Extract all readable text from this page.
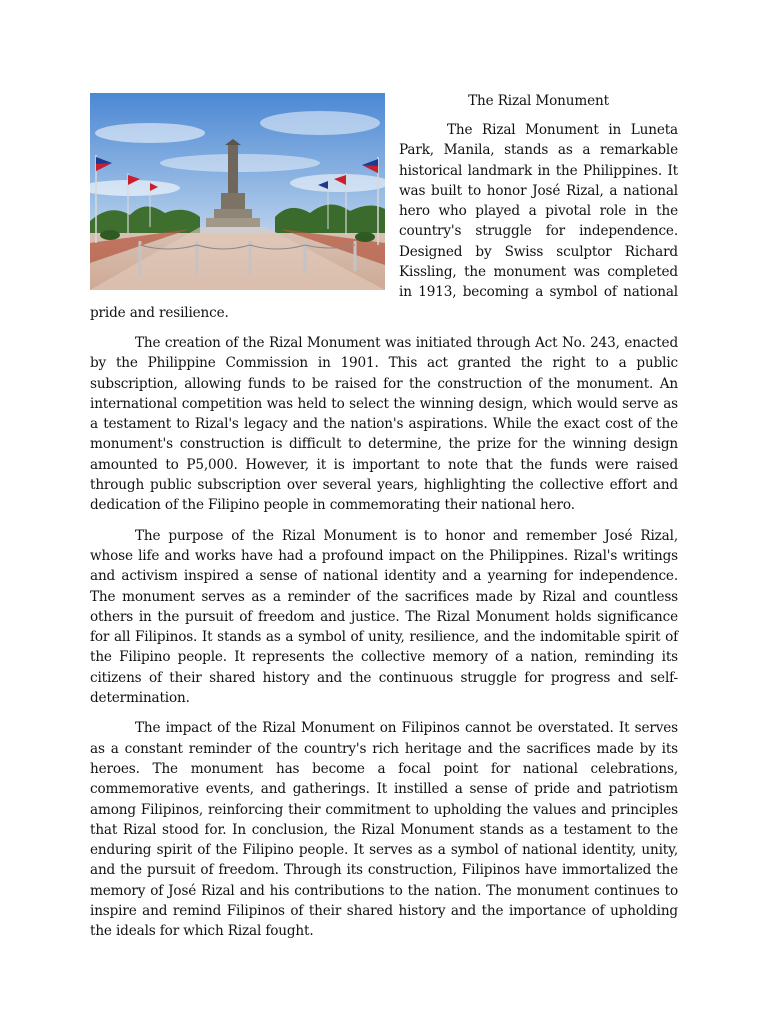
The Rizal Monument

The Rizal Monument in Luneta Park, Manila, stands as a remarkable historical landmark in the Philippines. It was built to honor José Rizal, a national hero who played a pivotal role in the country's struggle for independence. Designed by Swiss sculptor Richard Kissling, the monument was completed in 1913, becoming a symbol of national pride and resilience.

The creation of the Rizal Monument was initiated through Act No. 243, enacted by the Philippine Commission in 1901. This act granted the right to a public subscription, allowing funds to be raised for the construction of the monument. An international competition was held to select the winning design, which would serve as a testament to Rizal's legacy and the nation's aspirations. While the exact cost of the monument's construction is difficult to determine, the prize for the winning design amounted to P5,000. However, it is important to note that the funds were raised through public subscription over several years, highlighting the collective effort and dedication of the Filipino people in commemorating their national hero.

The purpose of the Rizal Monument is to honor and remember José Rizal, whose life and works have had a profound impact on the Philippines. Rizal's writings and activism inspired a sense of national identity and a yearning for independence. The monument serves as a reminder of the sacrifices made by Rizal and countless others in the pursuit of freedom and justice. The Rizal Monument holds significance for all Filipinos. It stands as a symbol of unity, resilience, and the indomitable spirit of the Filipino people. It represents the collective memory of a nation, reminding its citizens of their shared history and the continuous struggle for progress and self-determination.

The impact of the Rizal Monument on Filipinos cannot be overstated. It serves as a constant reminder of the country's rich heritage and the sacrifices made by its heroes. The monument has become a focal point for national celebrations, commemorative events, and gatherings. It instilled a sense of pride and patriotism among Filipinos, reinforcing their commitment to upholding the values and principles that Rizal stood for. In conclusion, the Rizal Monument stands as a testament to the enduring spirit of the Filipino people. It serves as a symbol of national identity, unity, and the pursuit of freedom. Through its construction, Filipinos have immortalized the memory of José Rizal and his contributions to the nation. The monument continues to inspire and remind Filipinos of their shared history and the importance of upholding the ideals for which Rizal fought.
